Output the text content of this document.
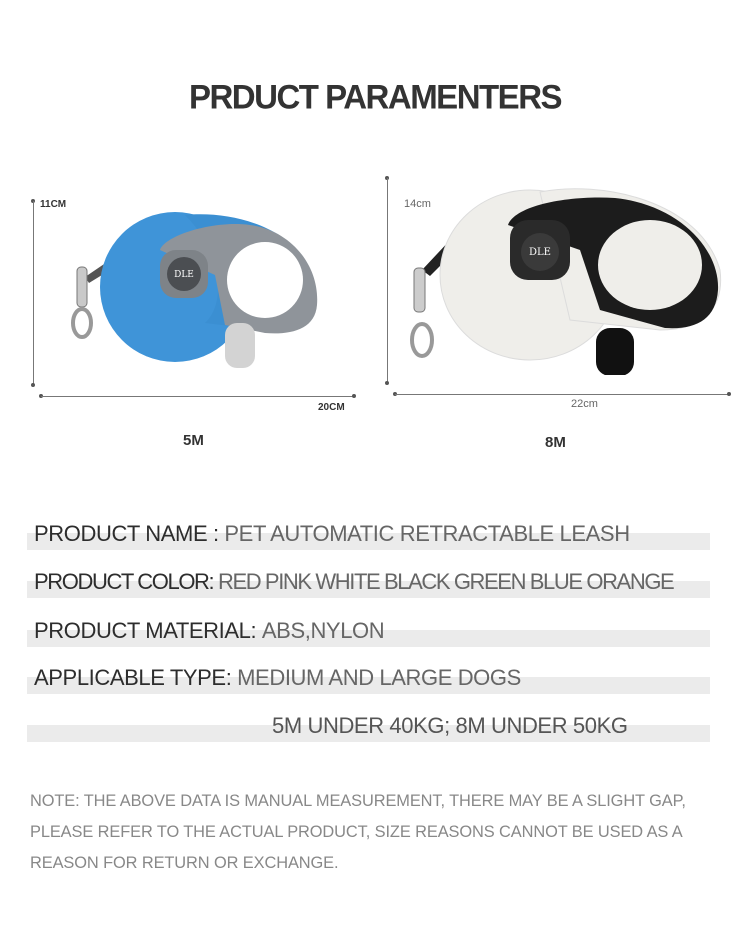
PRDUCT PARAMENTERS
11CM
20CM
DLE
5M
14cm
22cm
DLE
8M
PRODUCT NAME : PET AUTOMATIC RETRACTABLE LEASH
PRODUCT COLOR: RED PINK WHITE BLACK GREEN BLUE ORANGE
PRODUCT MATERIAL: ABS,NYLON
APPLICABLE TYPE: MEDIUM AND LARGE DOGS
5M UNDER 40KG; 8M UNDER 50KG
NOTE: THE ABOVE DATA IS MANUAL MEASUREMENT, THERE MAY BE A SLIGHT GAP, PLEASE REFER TO THE ACTUAL PRODUCT, SIZE REASONS CANNOT BE USED AS A REASON FOR RETURN OR EXCHANGE.
